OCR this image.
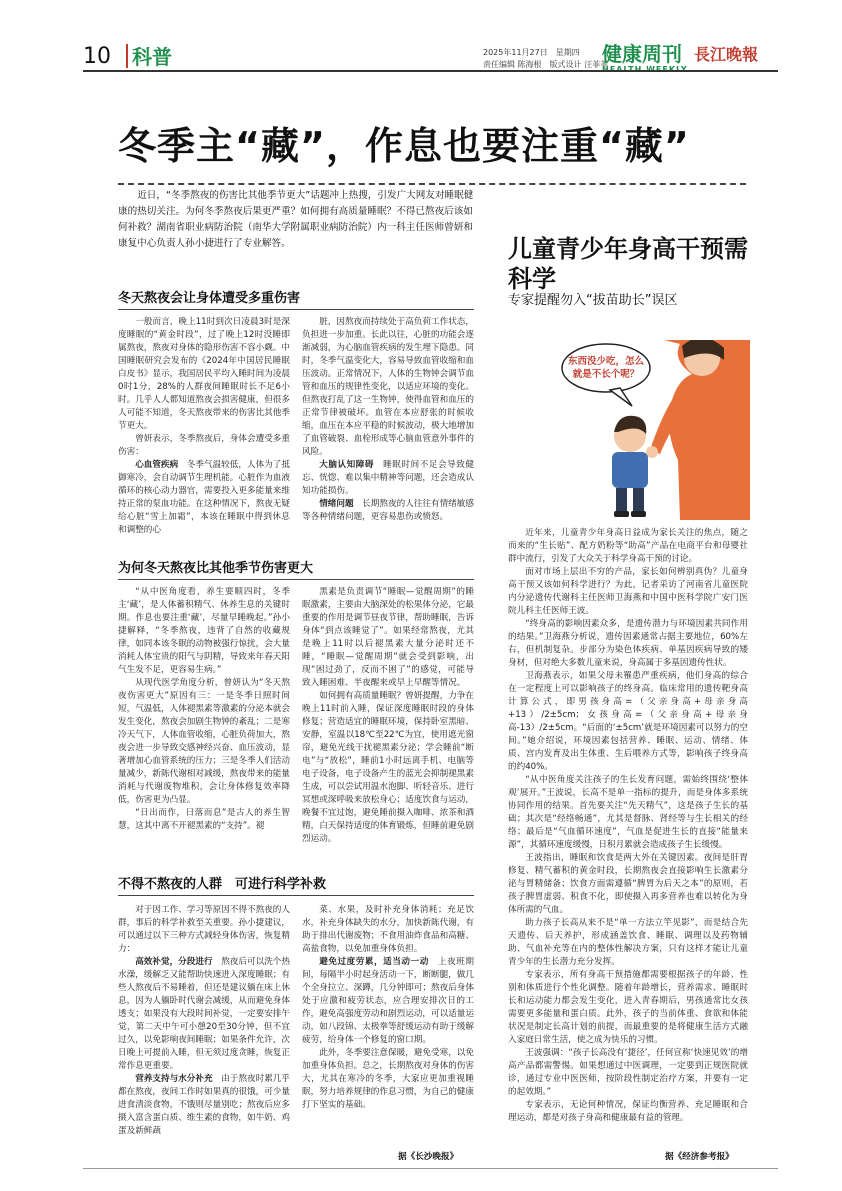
10 科普	2025年11月27日　星期四
责任编辑 陈海根　版式设计 汪菲菲
健康周刊 長江晚報
冬季主“藏”，作息也要注重“藏”

近日，“冬季熬夜的伤害比其他季节更大”话题冲上热搜，引发广大网友对睡眠健康的热切关注。为何冬季熬夜后果更严重？如何拥有高质量睡眠？不得已熬夜后该如何补救？湖南省职业病防治院（南华大学附属职业病防治院）内一科主任医师曾妍和康复中心负责人孙小捷进行了专业解答。

冬天熬夜会让身体遭受多重伤害

一般而言，晚上11时到次日凌晨3时是深度睡眠的“黄金时段”，过了晚上12时没睡即属熬夜，熬夜对身体的隐形伤害不容小觑。中国睡眠研究会发布的《2024年中国居民睡眠白皮书》显示，我国居民平均入睡时间为凌晨0时1分，28%的人群夜间睡眠时长不足6小时。几乎人人都知道熬夜会损害健康，但很多人可能不知道，冬天熬夜带来的伤害比其他季节更大。

曾妍表示，冬季熬夜后，身体会遭受多重伤害：

心血管疾病　冬季气温较低，人体为了抵御寒冷，会自动调节生理机能。心脏作为血液循环的核心动力器官，需要投入更多能量来维持正常的泵血功能。在这种情况下，熬夜无疑给心脏“雪上加霜”，本该在睡眠中得到休息和调整的心

脏，因熬夜而持续处于高负荷工作状态，负担进一步加重。长此以往，心脏的功能会逐渐减弱，为心脑血管疾病的发生埋下隐患。同时，冬季气温变化大，容易导致血管收缩和血压波动。正常情况下，人体的生物钟会调节血管和血压的规律性变化，以适应环境的变化。但熬夜打乱了这一生物钟，使得血管和血压的正常节律被破坏。血管在本应舒张的时候收缩，血压在本应平稳的时候波动，极大地增加了血管破裂、血栓形成等心脑血管意外事件的风险。

大脑认知障碍　睡眠时间不足会导致健忘、恍惚、难以集中精神等问题，还会造成认知功能损伤。

情绪问题　长期熬夜的人往往有情绪敏感等各种情绪问题，更容易患伤或愤怒。

为何冬天熬夜比其他季节伤害更大

“从中医角度看，养生要顺四时，冬季主‘藏’，是人体蓄积精气、休养生息的关键时期。作息也要注重‘藏’，尽量早睡晚起。”孙小捷解释，“冬季熬夜，违背了自然的收藏规律，如同本该冬眠的动物被强行惊扰，会大量消耗人体宝贵的阳气与阴精，导致来年春天阳气生发不足，更容易生病。”

从现代医学角度分析，曾妍认为“冬天熬夜伤害更大”原因有三：一是冬季日照时间短，气温低，人体褪黑素等激素的分泌本就会发生变化，熬夜会加剧生物钟的紊乱；二是寒冷天气下，人体血管收缩，心脏负荷加大，熬夜会进一步导致交感神经兴奋、血压波动，显著增加心血管系统的压力；三是冬季人们活动量减少，新陈代谢相对减缓，熬夜带来的能量消耗与代谢废物堆积，会让身体修复效率降低，伤害更为凸显。

“日出而作，日落而息”是古人的养生智慧，这其中离不开褪黑素的“支持”。褪

黑素是负责调节“睡眠—觉醒周期”的睡眠激素，主要由大脑深处的松果体分泌，它最重要的作用是调节昼夜节律，帮助睡眠，告诉身体“到点该睡觉了”。如果经常熬夜，尤其是晚上11时以后褪黑素大量分泌时还不睡，“睡眠—觉醒周期”就会受到影响，出现“困过劲了，反而不困了”的感觉，可能导致入睡困难、半夜醒来或早上早醒等情况。

如何拥有高质量睡眠？曾妍提醒，力争在晚上11时前入睡，保证深度睡眠时段的身体修复；营造适宜的睡眠环境，保持卧室黑暗、安静，室温以18℃至22℃为宜，使用遮光窗帘，避免光线干扰褪黑素分泌；学会睡前“断电”与“放松”，睡前1小时远离手机、电脑等电子设备，电子设备产生的蓝光会抑制褪黑素生成，可以尝试用温水泡脚、听轻音乐、进行冥想或深呼吸来放松身心；适度饮食与运动，晚餐不宜过饱，避免睡前摄入咖啡、浓茶和酒精，白天保持适度的体育锻炼，但睡前避免剧烈运动。

不得不熬夜的人群　可进行科学补救

对于因工作、学习等原因不得不熬夜的人群，事后的科学补救至关重要。孙小捷建议，可以通过以下三种方式减轻身体伤害，恢复精力：

高效补觉，分段进行　熬夜后可以洗个热水澡，缓解乏又能帮助快速进入深度睡眠；有些人熬夜后不易睡着，但还是建议躺在床上休息，因为人躺卧时代谢会减缓，从而避免身体透支；如果没有大段时间补觉，一定要安排午觉，第二天中午可小憩20至30分钟，但不宜过久，以免影响夜间睡眠；如果条件允许，次日晚上可提前入睡，但无须过度贪睡，恢复正常作息更重要。

营养支持与水分补充　由于熬夜时累几乎都在熬夜，夜间工作时如果真的很饿，可少量进食清淡食物，不饿则尽量别吃；熬夜后应多摄入富含蛋白质、维生素的食物，如牛奶、鸡蛋及新鲜蔬

菜、水果，及时补充身体消耗；充足饮水，补充身体缺失的水分，加快新陈代谢，有助于排出代谢废物；不食用油炸食品和高糖、高盐食物，以免加重身体负担。

避免过度劳累，适当动一动　上夜班期间，每隔半小时起身活动一下，断断腿，做几个全身拉立、深蹲，几分钟即可；熬夜后身体处于应激和疲劳状态，应合理安排次日的工作，避免高强度劳动和剧烈运动，可以适量运动，如八段锦、太极拳等舒缓运动有助于缓解疲劳，给身体一个修复的窗口期。

此外，冬季要注意保暖，避免受寒，以免加重身体负担。总之，长期熬夜对身体的伤害大，尤其在寒冷的冬季，大家应更加重视睡眠，努力培养规律的作息习惯，为自己的健康打下坚实的基础。

据《长沙晚报》
儿童青少年身高干预需科学
专家提醒勿入“拔苗助长”误区
东西没少吃，怎么
就是不长个呢？

近年来，儿童青少年身高日益成为家长关注的焦点，随之而来的“生长贴”、配方奶粉等“助高”产品在电商平台和母婴社群中流行，引发了大众关于科学身高干预的讨论。

面对市场上层出不穷的产品，家长如何辨别真伪？儿童身高干预又该如何科学进行？为此，记者采访了河南省儿童医院内分泌遗传代谢科主任医师卫海燕和中国中医科学院广安门医院儿科主任医师王波。

“终身高的影响因素众多，是遗传潜力与环境因素共同作用的结果。”卫海燕分析说，遗传因素通常占据主要地位，60%左右，但机制复杂。步部分为染色体疾病、单基因疾病导致的矮身材，但对绝大多数儿童来说，身高属于多基因遗传性状。

卫海燕表示，如果父母未罹患严重疾病，他们身高的综合在一定程度上可以影响孩子的终身高。临床常用的遗传靶身高计算公式，即男孩身高=（父亲身高+母亲身高+13）/2±5cm；女孩身高=（父亲身高+母亲身高-13）/2±5cm。“后面的‘±5cm’就是环境因素可以努力的空间。”她介绍说，环境因素包括营养、睡眠、运动、情绪、体质、宫内发育及出生体重、生后喂养方式等，影响孩子终身高的约40%。

“从中医角度关注孩子的生长发育问题，需始终围绕‘整体观’展开。”王波说，长高不是单一指标的提升，而是身体多系统协同作用的结果。首先要关注“先天精气”，这是孩子生长的基础；其次是“经络畅通”，尤其是督脉、肾经等与生长相关的经络；最后是“气血循环速度”，气血是促进生长的直接“能量来源”，其循环速度缓慢，日积月累就会造成孩子生长缓慢。

王波指出，睡眠和饮食是两大外在关键因素。夜间是肝胃修复、精气蓄积的黄金时段，长期熬夜会直接影响生长激素分泌与胃精储备；饮食方面需遵循“脾胃为后天之本”的原则，若孩子脾胃虚弱、积食不化，即使摄入再多营养也难以转化为身体所需的气血。

助力孩子长高从来不是“单一方法立竿见影”，而是结合先天遗传、后天养护，形成涵盖饮食、睡眠、调理以及药物辅助、气血补充等在内的整体性解决方案，只有这样才能让儿童青少年的生长潜力充分发挥。

专家表示，所有身高干预措施都需要根据孩子的年龄、性别和体质进行个性化调整。随着年龄增长，营养需求、睡眠时长和运动能力都会发生变化，进入青春期后，男孩通常比女孩需要更多能量和蛋白质。此外，孩子的当前体重、食欲和体能状况是制定长高计划的前提，而最重要的是将健康生活方式融入家庭日常生活，使之成为快乐的习惯。

王波强调：“孩子长高没有‘捷径’，任何宣称‘快速见效’的增高产品都需警惕。如果想通过中医调理，一定要到正规医院就诊，通过专业中医医师，按阶段性制定治疗方案，并要有一定的起效期。”

专家表示，无论何种情况，保证均衡营养、充足睡眠和合理运动，都是对孩子身高和健康最有益的管理。

据《经济参考报》
